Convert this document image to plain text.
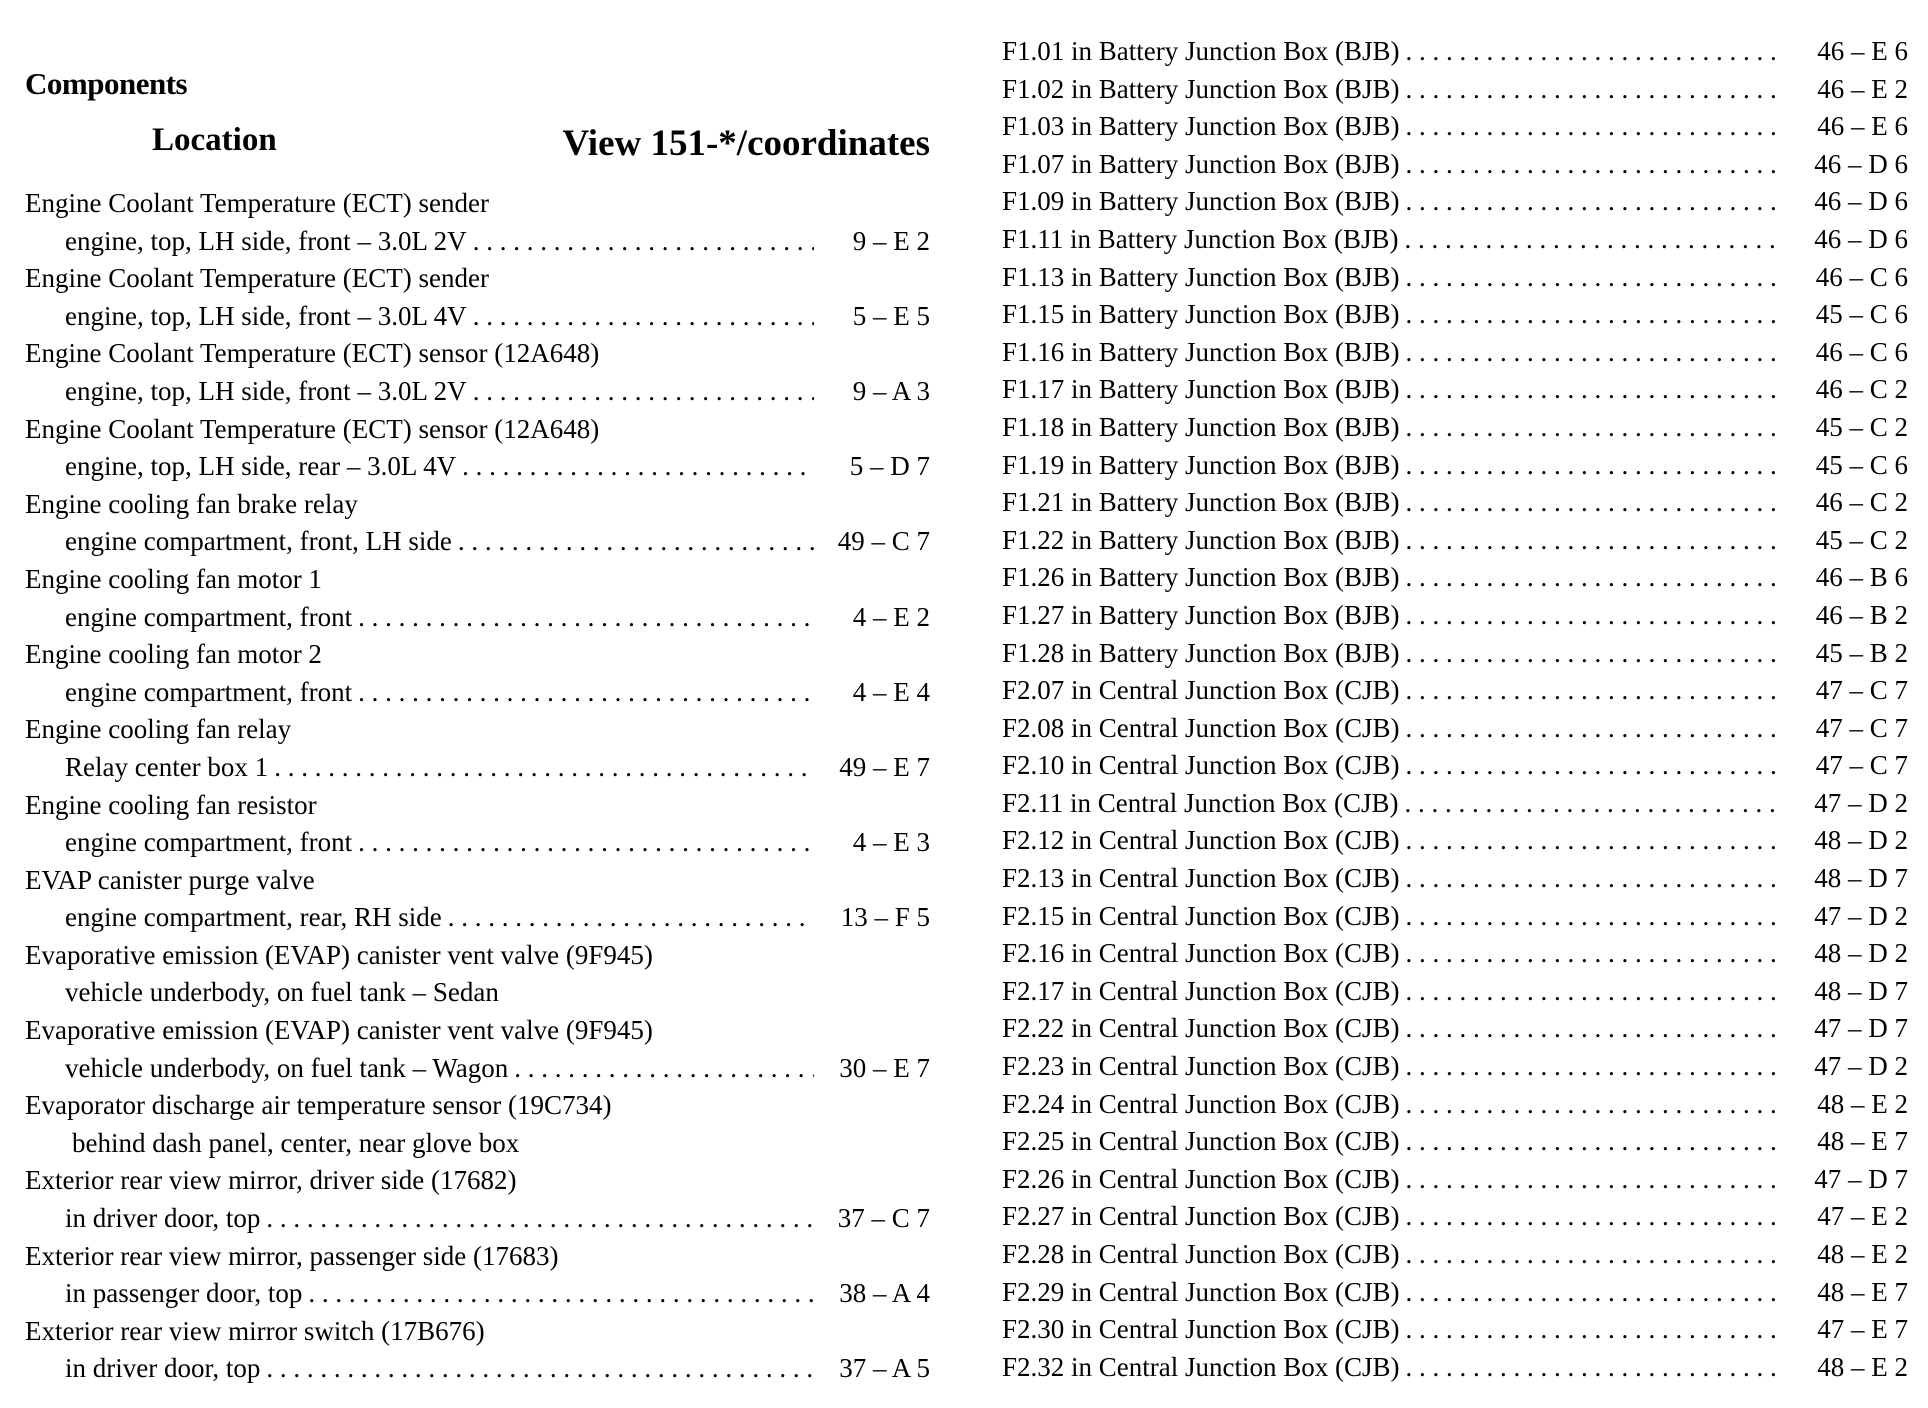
Components
Location	View 151-*/coordinates
Engine Coolant Temperature (ECT) sender
engine, top, LH side, front – 3.0L 2V . . .	9 – E 2
Engine Coolant Temperature (ECT) sender
engine, top, LH side, front – 3.0L 4V . . .	5 – E 5
Engine Coolant Temperature (ECT) sensor (12A648)
engine, top, LH side, front – 3.0L 2V . . .	9 – A 3
Engine Coolant Temperature (ECT) sensor (12A648)
engine, top, LH side, rear – 3.0L 4V . . .	5 – D 7
Engine cooling fan brake relay
engine compartment, front, LH side . . .	49 – C 7
Engine cooling fan motor 1
engine compartment, front . . .	4 – E 2
Engine cooling fan motor 2
engine compartment, front . . .	4 – E 4
Engine cooling fan relay
Relay center box 1 . . .	49 – E 7
Engine cooling fan resistor
engine compartment, front . . .	4 – E 3
EVAP canister purge valve
engine compartment, rear, RH side . . .	13 – F 5
Evaporative emission (EVAP) canister vent valve (9F945)
vehicle underbody, on fuel tank – Sedan
Evaporative emission (EVAP) canister vent valve (9F945)
vehicle underbody, on fuel tank – Wagon . . .	30 – E 7
Evaporator discharge air temperature sensor (19C734)
behind dash panel, center, near glove box
Exterior rear view mirror, driver side (17682)
in driver door, top . . .	37 – C 7
Exterior rear view mirror, passenger side (17683)
in passenger door, top . . .	38 – A 4
Exterior rear view mirror switch (17B676)
in driver door, top . . .	37 – A 5
F1.01 in Battery Junction Box (BJB) . . .	46 – E 6
F1.02 in Battery Junction Box (BJB) . . .	46 – E 2
F1.03 in Battery Junction Box (BJB) . . .	46 – E 6
F1.07 in Battery Junction Box (BJB) . . .	46 – D 6
F1.09 in Battery Junction Box (BJB) . . .	46 – D 6
F1.11 in Battery Junction Box (BJB) . . .	46 – D 6
F1.13 in Battery Junction Box (BJB) . . .	46 – C 6
F1.15 in Battery Junction Box (BJB) . . .	45 – C 6
F1.16 in Battery Junction Box (BJB) . . .	46 – C 6
F1.17 in Battery Junction Box (BJB) . . .	46 – C 2
F1.18 in Battery Junction Box (BJB) . . .	45 – C 2
F1.19 in Battery Junction Box (BJB) . . .	45 – C 6
F1.21 in Battery Junction Box (BJB) . . .	46 – C 2
F1.22 in Battery Junction Box (BJB) . . .	45 – C 2
F1.26 in Battery Junction Box (BJB) . . .	46 – B 6
F1.27 in Battery Junction Box (BJB) . . .	46 – B 2
F1.28 in Battery Junction Box (BJB) . . .	45 – B 2
F2.07 in Central Junction Box (CJB) . . .	47 – C 7
F2.08 in Central Junction Box (CJB) . . .	47 – C 7
F2.10 in Central Junction Box (CJB) . . .	47 – C 7
F2.11 in Central Junction Box (CJB) . . .	47 – D 2
F2.12 in Central Junction Box (CJB) . . .	48 – D 2
F2.13 in Central Junction Box (CJB) . . .	48 – D 7
F2.15 in Central Junction Box (CJB) . . .	47 – D 2
F2.16 in Central Junction Box (CJB) . . .	48 – D 2
F2.17 in Central Junction Box (CJB) . . .	48 – D 7
F2.22 in Central Junction Box (CJB) . . .	47 – D 7
F2.23 in Central Junction Box (CJB) . . .	47 – D 2
F2.24 in Central Junction Box (CJB) . . .	48 – E 2
F2.25 in Central Junction Box (CJB) . . .	48 – E 7
F2.26 in Central Junction Box (CJB) . . .	47 – D 7
F2.27 in Central Junction Box (CJB) . . .	47 – E 2
F2.28 in Central Junction Box (CJB) . . .	48 – E 2
F2.29 in Central Junction Box (CJB) . . .	48 – E 7
F2.30 in Central Junction Box (CJB) . . .	47 – E 7
F2.32 in Central Junction Box (CJB) . . .	48 – E 2
